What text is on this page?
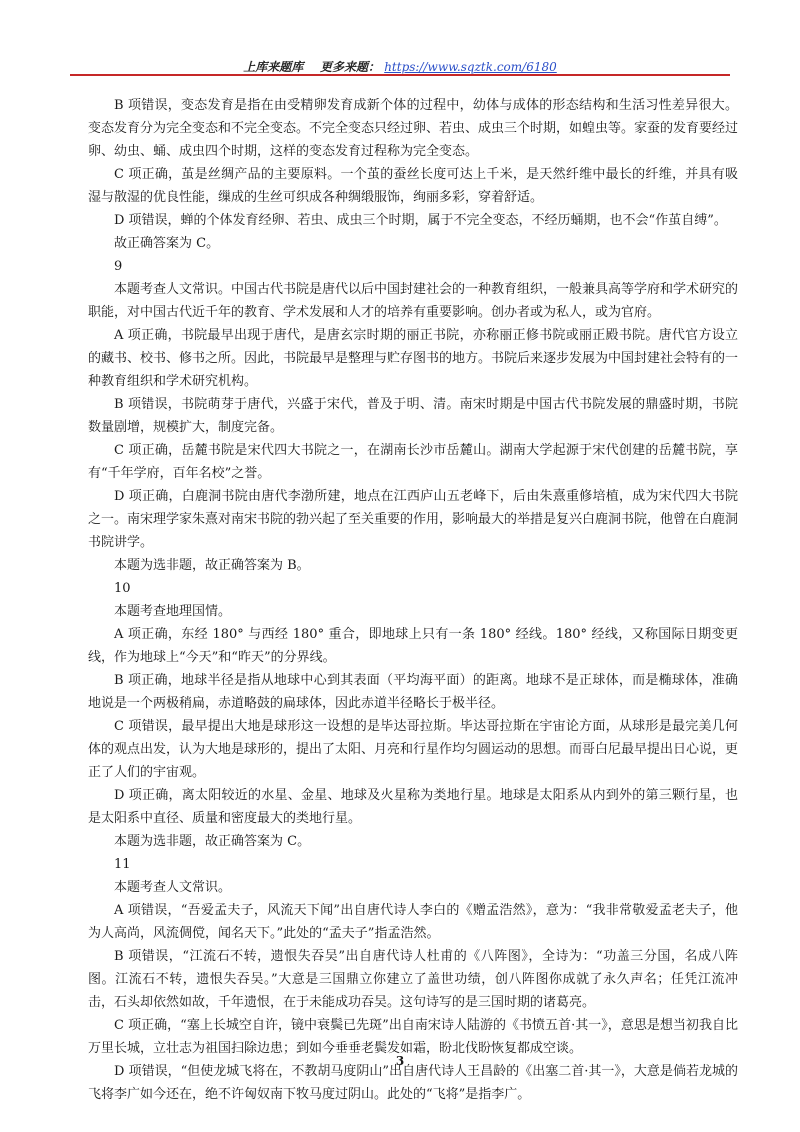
上库来题库 更多来题： https://www.sqztk.com/6180

B 项错误，变态发育是指在由受精卵发育成新个体的过程中，幼体与成体的形态结构和生活习性差异很大。变态发育分为完全变态和不完全变态。不完全变态只经过卵、若虫、成虫三个时期，如蝗虫等。家蚕的发育要经过卵、幼虫、蛹、成虫四个时期，这样的变态发育过程称为完全变态。

C 项正确，茧是丝绸产品的主要原料。一个茧的蚕丝长度可达上千米，是天然纤维中最长的纤维，并具有吸湿与散湿的优良性能，缫成的生丝可织成各种绸缎服饰，绚丽多彩，穿着舒适。

D 项错误，蝉的个体发育经卵、若虫、成虫三个时期，属于不完全变态，不经历蛹期，也不会“作茧自缚”。

故正确答案为 C。

9

本题考查人文常识。中国古代书院是唐代以后中国封建社会的一种教育组织，一般兼具高等学府和学术研究的职能，对中国古代近千年的教育、学术发展和人才的培养有重要影响。创办者或为私人，或为官府。

A 项正确，书院最早出现于唐代，是唐玄宗时期的丽正书院，亦称丽正修书院或丽正殿书院。唐代官方设立的藏书、校书、修书之所。因此，书院最早是整理与贮存图书的地方。书院后来逐步发展为中国封建社会特有的一种教育组织和学术研究机构。

B 项错误，书院萌芽于唐代，兴盛于宋代，普及于明、清。南宋时期是中国古代书院发展的鼎盛时期，书院数量剧增，规模扩大，制度完备。

C 项正确，岳麓书院是宋代四大书院之一，在湖南长沙市岳麓山。湖南大学起源于宋代创建的岳麓书院，享有“千年学府，百年名校”之誉。

D 项正确，白鹿洞书院由唐代李渤所建，地点在江西庐山五老峰下，后由朱熹重修培植，成为宋代四大书院之一。南宋理学家朱熹对南宋书院的勃兴起了至关重要的作用，影响最大的举措是复兴白鹿洞书院，他曾在白鹿洞书院讲学。

本题为选非题，故正确答案为 B。

10

本题考查地理国情。

A 项正确，东经 180° 与西经 180° 重合，即地球上只有一条 180° 经线。180° 经线，又称国际日期变更线，作为地球上“今天”和“昨天”的分界线。

B 项正确，地球半径是指从地球中心到其表面（平均海平面）的距离。地球不是正球体，而是椭球体，准确地说是一个两极稍扁，赤道略鼓的扁球体，因此赤道半径略长于极半径。

C 项错误，最早提出大地是球形这一设想的是毕达哥拉斯。毕达哥拉斯在宇宙论方面，从球形是最完美几何体的观点出发，认为大地是球形的，提出了太阳、月亮和行星作均匀圆运动的思想。而哥白尼最早提出日心说，更正了人们的宇宙观。

D 项正确，离太阳较近的水星、金星、地球及火星称为类地行星。地球是太阳系从内到外的第三颗行星，也是太阳系中直径、质量和密度最大的类地行星。

本题为选非题，故正确答案为 C。

11

本题考查人文常识。

A 项错误，“吾爱孟夫子，风流天下闻”出自唐代诗人李白的《赠孟浩然》，意为：“我非常敬爱孟老夫子，他为人高尚，风流倜傥，闻名天下。”此处的“孟夫子”指孟浩然。

B 项错误，“江流石不转，遗恨失吞吴”出自唐代诗人杜甫的《八阵图》，全诗为：“功盖三分国，名成八阵图。江流石不转，遗恨失吞吴。”大意是三国鼎立你建立了盖世功绩，创八阵图你成就了永久声名；任凭江流冲击，石头却依然如故，千年遗恨，在于未能成功吞吴。这句诗写的是三国时期的诸葛亮。

C 项正确，“塞上长城空自许，镜中衰鬓已先斑”出自南宋诗人陆游的《书愤五首·其一》，意思是想当初我自比万里长城，立壮志为祖国扫除边患；到如今垂垂老鬓发如霜，盼北伐盼恢复都成空谈。

D 项错误，“但使龙城飞将在，不教胡马度阴山”出自唐代诗人王昌龄的《出塞二首·其一》，大意是倘若龙城的飞将李广如今还在，绝不许匈奴南下牧马度过阴山。此处的“飞将”是指李广。

3
